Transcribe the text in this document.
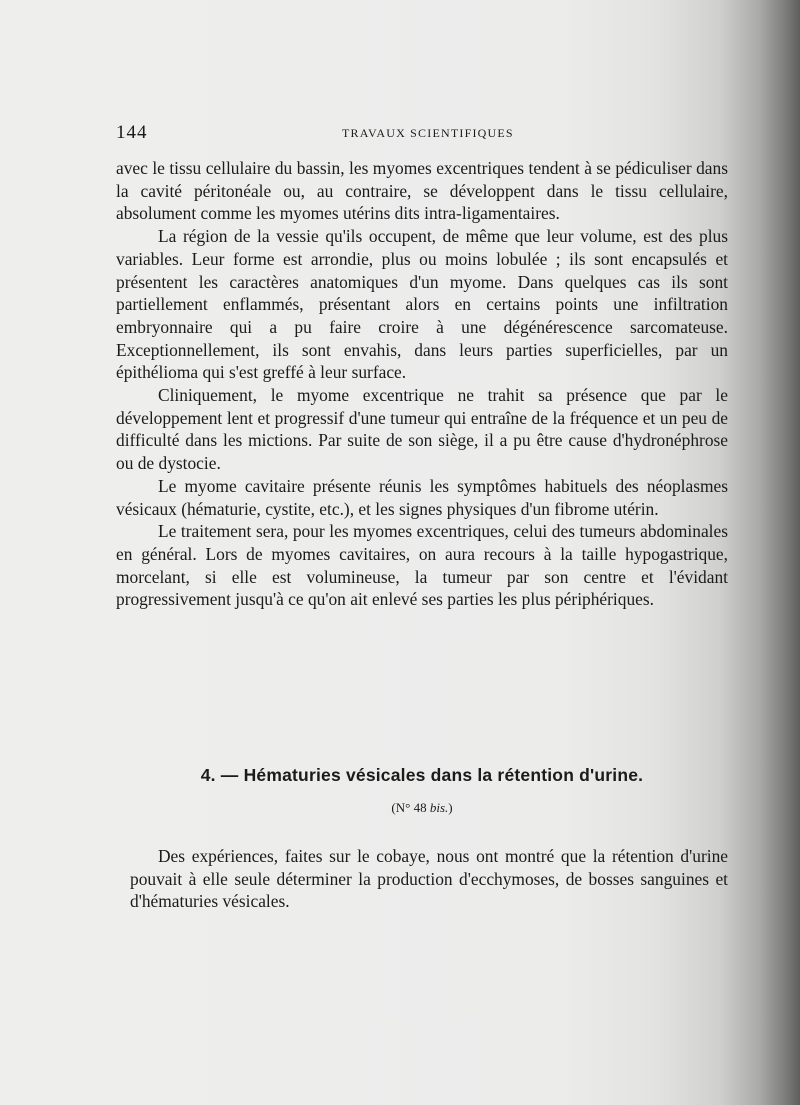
144	TRAVAUX SCIENTIFIQUES

avec le tissu cellulaire du bassin, les myomes excentriques tendent à se pédiculiser dans la cavité péritonéale ou, au contraire, se développent dans le tissu cellulaire, absolument comme les myomes utérins dits intra-ligamentaires.

La région de la vessie qu'ils occupent, de même que leur volume, est des plus variables. Leur forme est arrondie, plus ou moins lobulée ; ils sont encapsulés et présentent les caractères anatomiques d'un myome. Dans quelques cas ils sont partiellement enflammés, présentant alors en certains points une infiltration embryonnaire qui a pu faire croire à une dégénérescence sarcomateuse. Exceptionnellement, ils sont envahis, dans leurs parties superficielles, par un épithélioma qui s'est greffé à leur surface.

Cliniquement, le myome excentrique ne trahit sa présence que par le développement lent et progressif d'une tumeur qui entraîne de la fréquence et un peu de difficulté dans les mictions. Par suite de son siège, il a pu être cause d'hydronéphrose ou de dystocie.

Le myome cavitaire présente réunis les symptômes habituels des néoplasmes vésicaux (hématurie, cystite, etc.), et les signes physiques d'un fibrome utérin.

Le traitement sera, pour les myomes excentriques, celui des tumeurs abdominales en général. Lors de myomes cavitaires, on aura recours à la taille hypogastrique, morcelant, si elle est volumineuse, la tumeur par son centre et l'évidant progressivement jusqu'à ce qu'on ait enlevé ses parties les plus périphériques.

4. — Hématuries vésicales dans la rétention d'urine.
(N° 48 bis.)

Des expériences, faites sur le cobaye, nous ont montré que la rétention d'urine pouvait à elle seule déterminer la production d'ecchymoses, de bosses sanguines et d'hématuries vésicales.
